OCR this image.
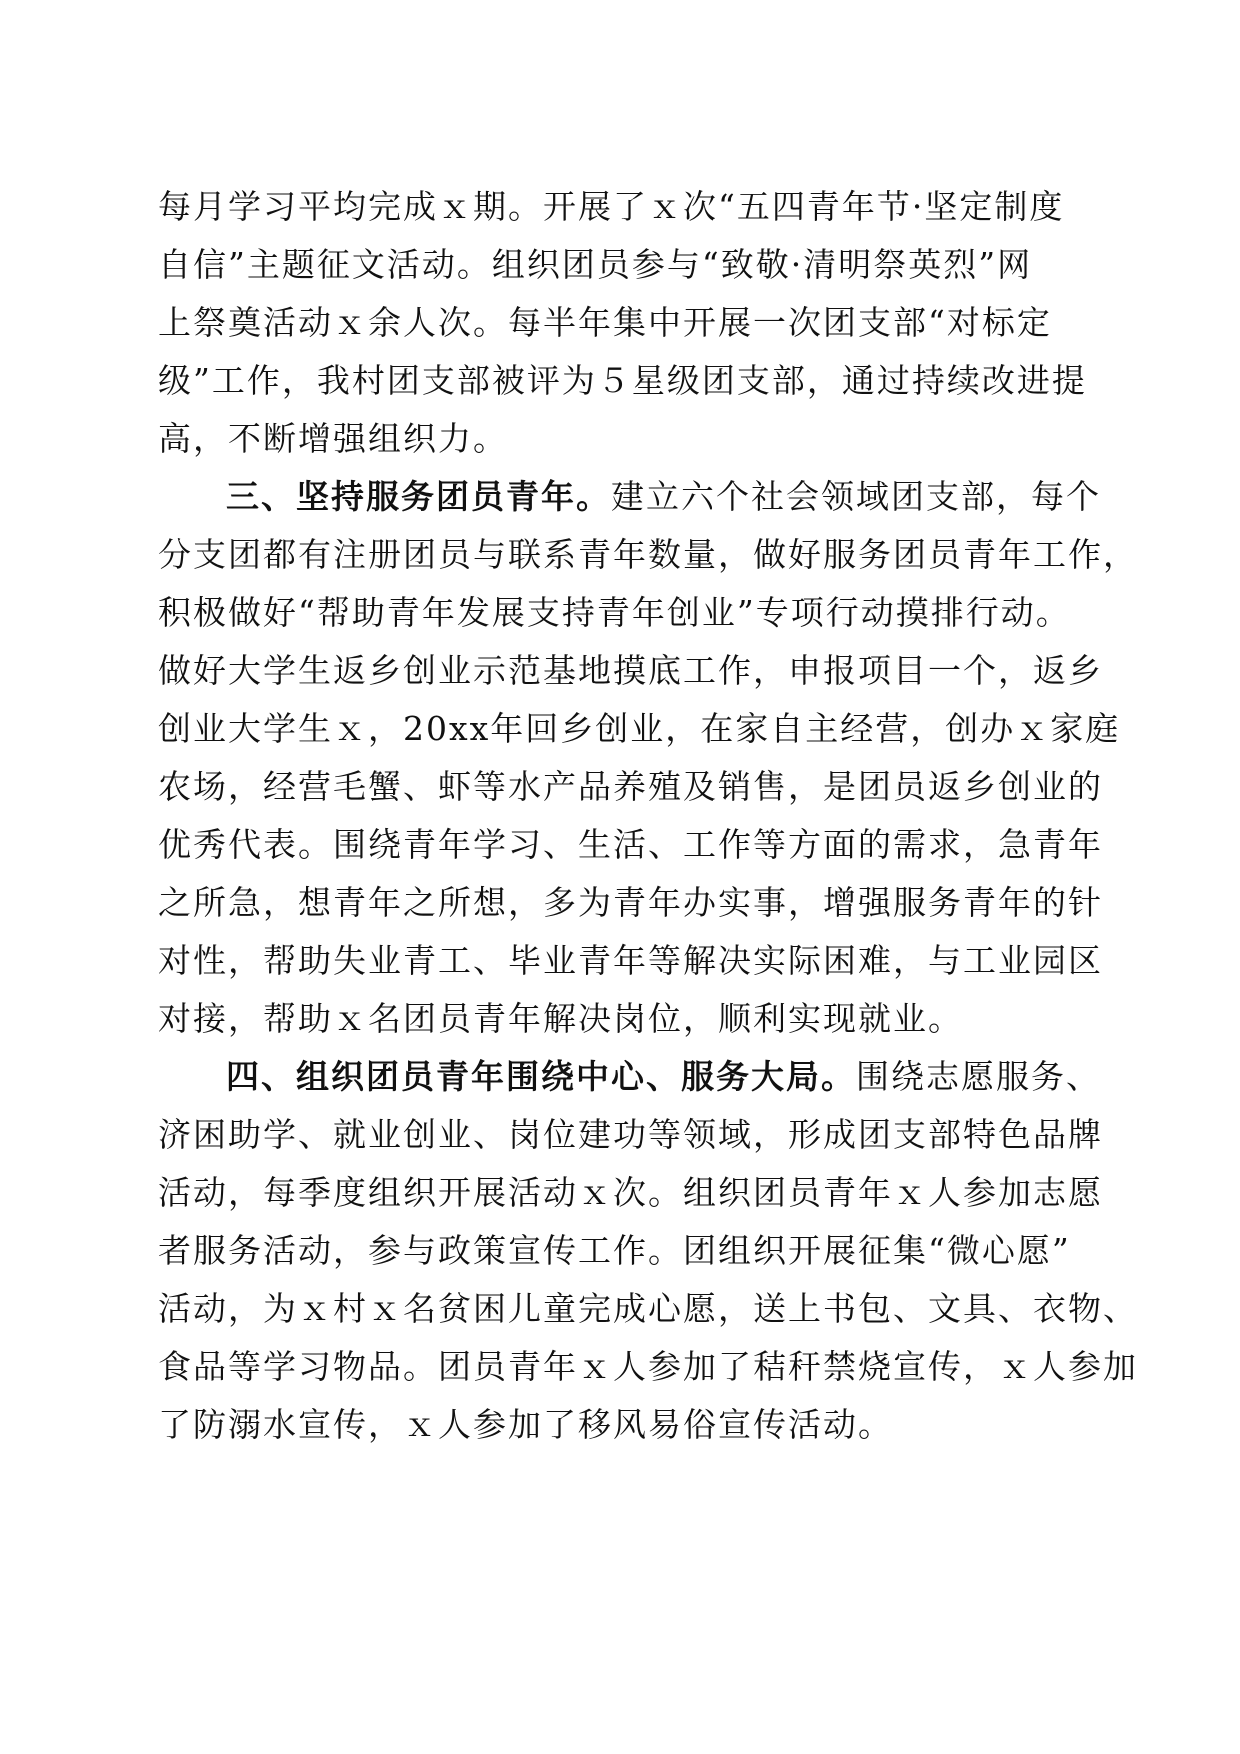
每月学习平均完成ｘ期。开展了ｘ次“五四青年节·坚定制度
自信”主题征文活动。组织团员参与“致敬·清明祭英烈”网
上祭奠活动ｘ余人次。每半年集中开展一次团支部“对标定
级”工作，我村团支部被评为５星级团支部，通过持续改进提
高，不断增强组织力。
三、坚持服务团员青年。建立六个社会领域团支部，每个
分支团都有注册团员与联系青年数量，做好服务团员青年工作，
积极做好“帮助青年发展支持青年创业”专项行动摸排行动。
做好大学生返乡创业示范基地摸底工作，申报项目一个，返乡
创业大学生ｘ，20xx年回乡创业，在家自主经营，创办ｘ家庭
农场，经营毛蟹、虾等水产品养殖及销售，是团员返乡创业的
优秀代表。围绕青年学习、生活、工作等方面的需求，急青年
之所急，想青年之所想，多为青年办实事，增强服务青年的针
对性，帮助失业青工、毕业青年等解决实际困难，与工业园区
对接，帮助ｘ名团员青年解决岗位，顺利实现就业。
四、组织团员青年围绕中心、服务大局。围绕志愿服务、
济困助学、就业创业、岗位建功等领域，形成团支部特色品牌
活动，每季度组织开展活动ｘ次。组织团员青年ｘ人参加志愿
者服务活动，参与政策宣传工作。团组织开展征集“微心愿”
活动，为ｘ村ｘ名贫困儿童完成心愿，送上书包、文具、衣物、
食品等学习物品。团员青年ｘ人参加了秸秆禁烧宣传，ｘ人参加
了防溺水宣传，ｘ人参加了移风易俗宣传活动。
